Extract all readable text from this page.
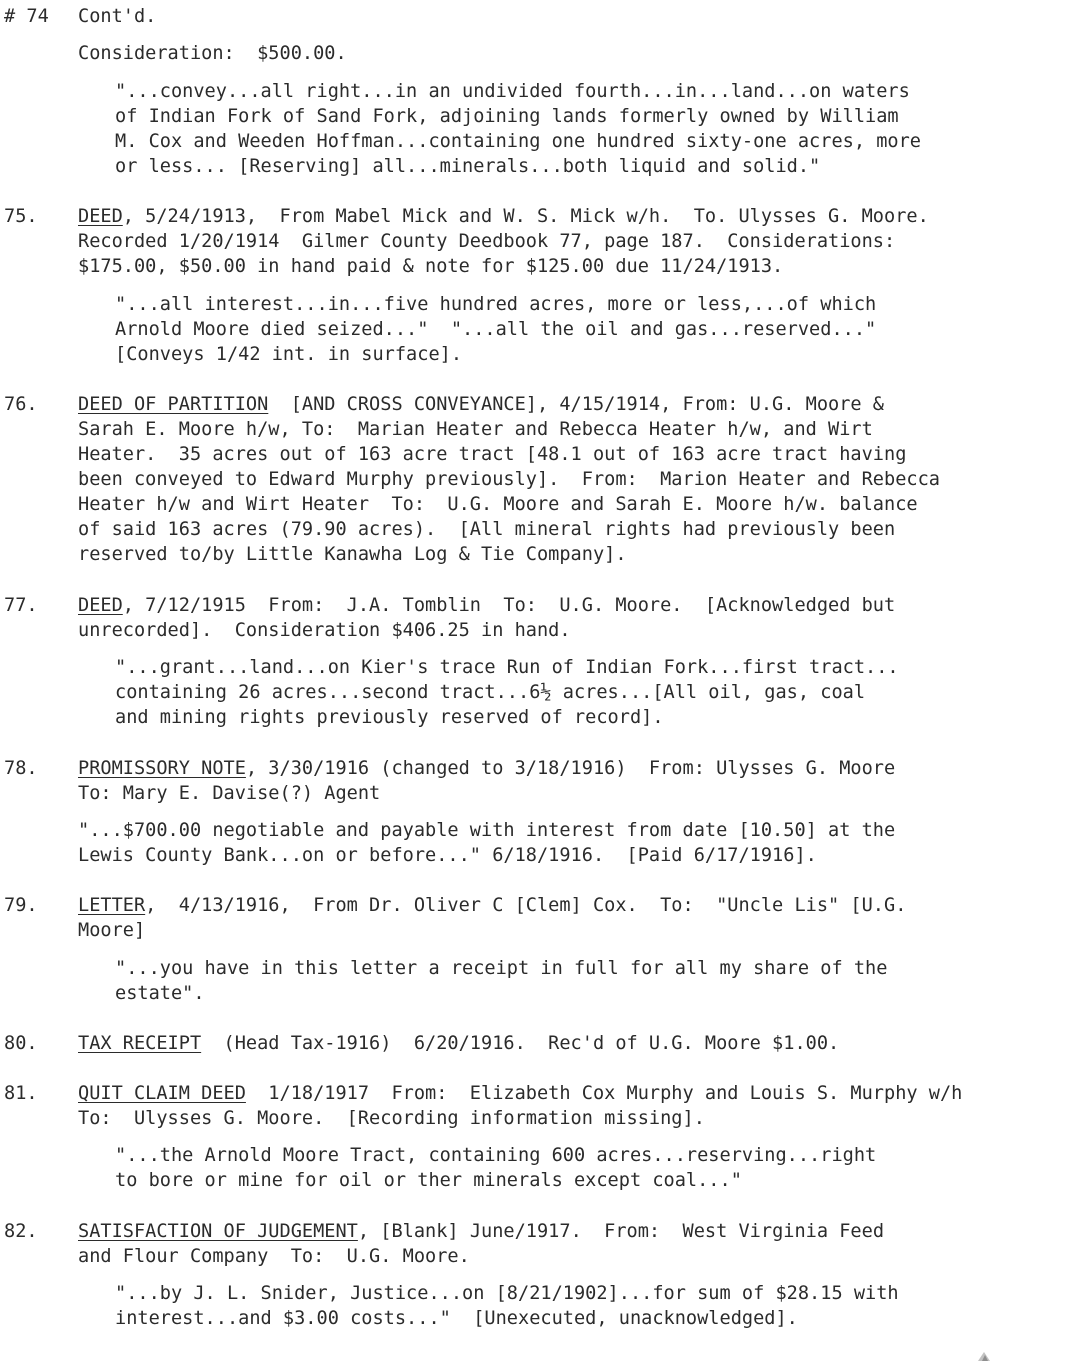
# 74 Cont'd.
Consideration:  $500.00.
"...convey...all right...in an undivided fourth...in...land...on waters
of Indian Fork of Sand Fork, adjoining lands formerly owned by William
M. Cox and Weeden Hoffman...containing one hundred sixty-one acres, more
or less... [Reserving] all...minerals...both liquid and solid."
75. DEED, 5/24/1913,  From Mabel Mick and W. S. Mick w/h.  To. Ulysses G. Moore.
Recorded 1/20/1914  Gilmer County Deedbook 77, page 187.  Considerations:
$175.00, $50.00 in hand paid & note for $125.00 due 11/24/1913.
"...all interest...in...five hundred acres, more or less,...of which
Arnold Moore died seized..."  "...all the oil and gas...reserved..."
[Conveys 1/42 int. in surface].
76. DEED OF PARTITION  [AND CROSS CONVEYANCE], 4/15/1914, From: U.G. Moore &
Sarah E. Moore h/w, To:  Marian Heater and Rebecca Heater h/w, and Wirt
Heater.  35 acres out of 163 acre tract [48.1 out of 163 acre tract having
been conveyed to Edward Murphy previously].  From:  Marion Heater and Rebecca
Heater h/w and Wirt Heater  To:  U.G. Moore and Sarah E. Moore h/w. balance
of said 163 acres (79.90 acres).  [All mineral rights had previously been
reserved to/by Little Kanawha Log & Tie Company].
77. DEED, 7/12/1915  From:  J.A. Tomblin  To:  U.G. Moore.  [Acknowledged but
unrecorded].  Consideration $406.25 in hand.
"...grant...land...on Kier's trace Run of Indian Fork...first tract...
containing 26 acres...second tract...6½ acres...[All oil, gas, coal
and mining rights previously reserved of record].
78. PROMISSORY NOTE, 3/30/1916 (changed to 3/18/1916)  From: Ulysses G. Moore
To: Mary E. Davise(?) Agent
"...$700.00 negotiable and payable with interest from date [10.50] at the
Lewis County Bank...on or before..." 6/18/1916.  [Paid 6/17/1916].
79. LETTER,  4/13/1916,  From Dr. Oliver C [Clem] Cox.  To:  "Uncle Lis" [U.G.
Moore]
"...you have in this letter a receipt in full for all my share of the
estate".
80. TAX RECEIPT  (Head Tax-1916)  6/20/1916.  Rec'd of U.G. Moore $1.00.
81. QUIT CLAIM DEED  1/18/1917  From:  Elizabeth Cox Murphy and Louis S. Murphy w/h
To:  Ulysses G. Moore.  [Recording information missing].
"...the Arnold Moore Tract, containing 600 acres...reserving...right
to bore or mine for oil or ther minerals except coal..."
82. SATISFACTION OF JUDGEMENT, [Blank] June/1917.  From:  West Virginia Feed
and Flour Company  To:  U.G. Moore.
"...by J. L. Snider, Justice...on [8/21/1902]...for sum of $28.15 with
interest...and $3.00 costs..."  [Unexecuted, unacknowledged].
